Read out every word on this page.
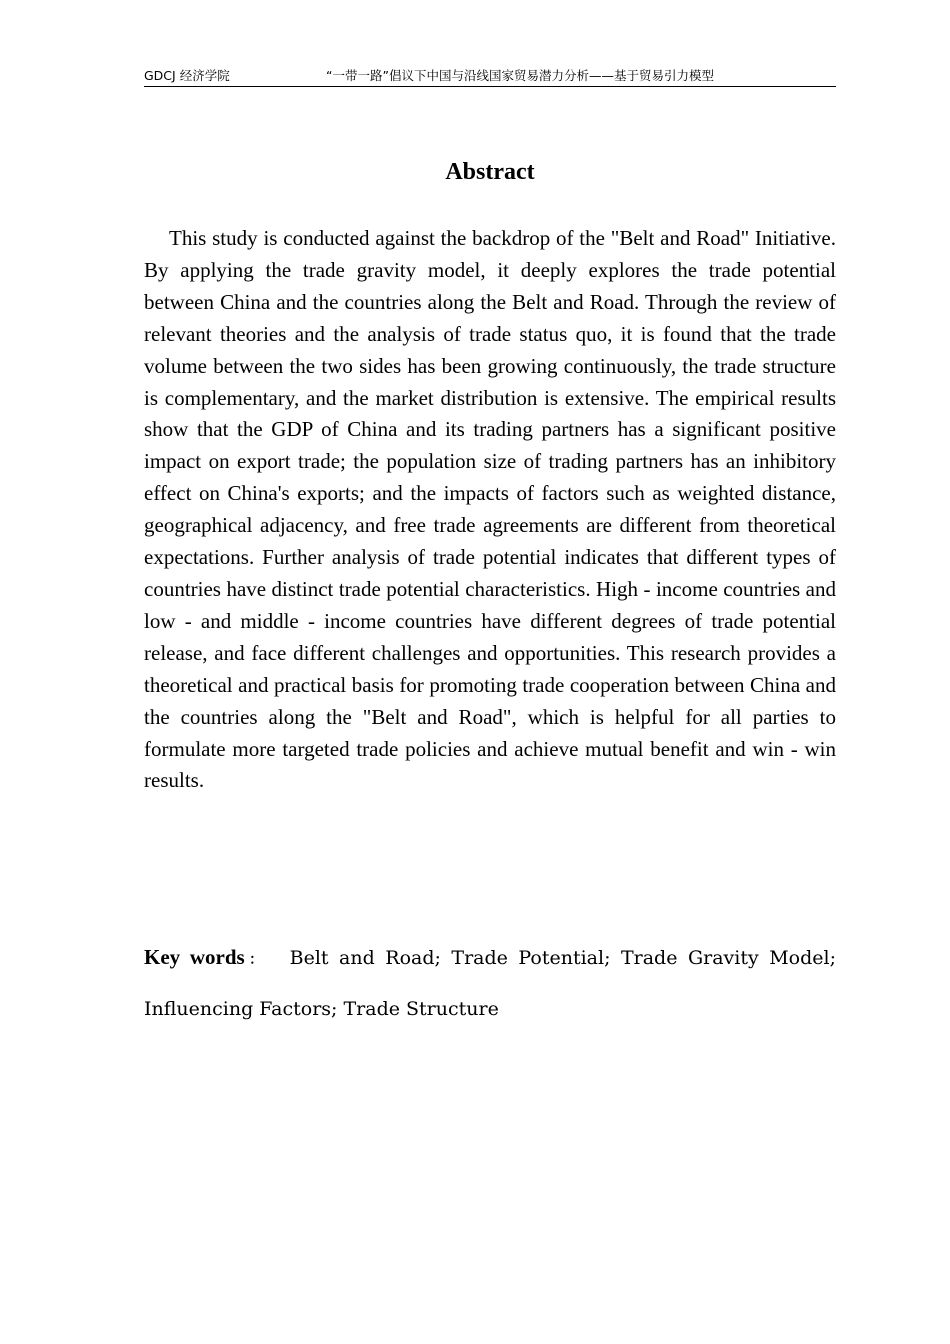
GDCJ 经济学院	“一带一路”倡议下中国与沿线国家贸易潜力分析——基于贸易引力模型
Abstract

This study is conducted against the backdrop of the "Belt and Road" Initiative. By applying the trade gravity model, it deeply explores the trade potential between China and the countries along the Belt and Road. Through the review of relevant theories and the analysis of trade status quo, it is found that the trade volume between the two sides has been growing continuously, the trade structure is complementary, and the market distribution is extensive. The empirical results show that the GDP of China and its trading partners has a significant positive impact on export trade; the population size of trading partners has an inhibitory effect on China's exports; and the impacts of factors such as weighted distance, geographical adjacency, and free trade agreements are different from theoretical expectations. Further analysis of trade potential indicates that different types of countries have distinct trade potential characteristics. High - income countries and low - and middle - income countries have different degrees of trade potential release, and face different challenges and opportunities. This research provides a theoretical and practical basis for promoting trade cooperation between China and the countries along the "Belt and Road", which is helpful for all parties to formulate more targeted trade policies and achieve mutual benefit and win - win results.

Key words： Belt and Road; Trade Potential; Trade Gravity Model; Influencing Factors; Trade Structure
